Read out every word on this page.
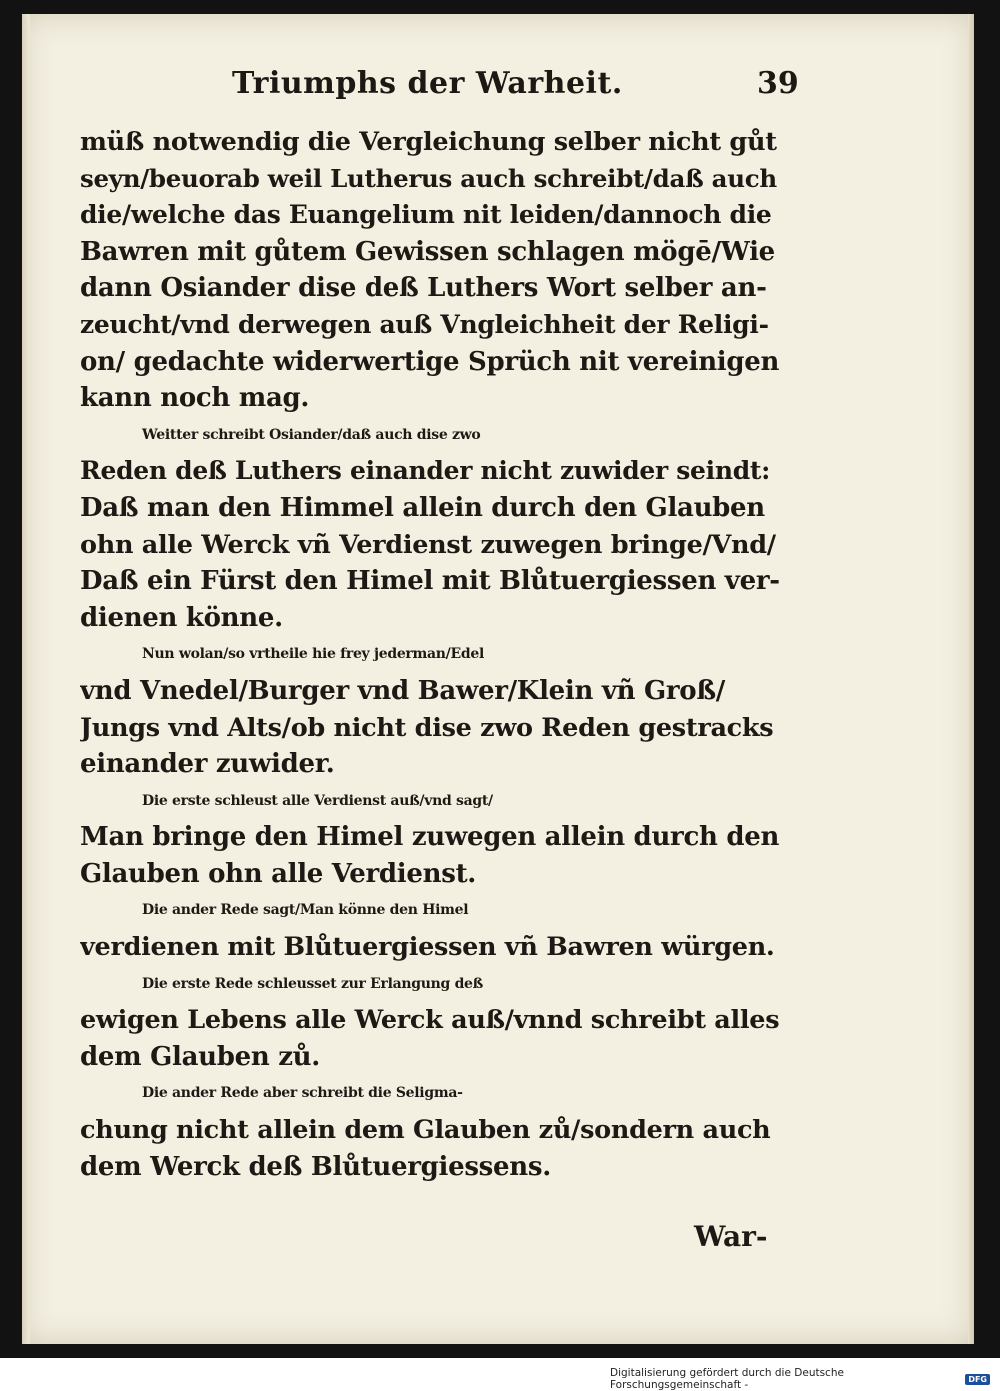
Triumphs der Warheit.	39
müß notwendig die Vergleichung selber nicht gůt
seyn/beuorab weil Lutherus auch schreibt/daß auch
die/welche das Euangelium nit leiden/dannoch die
Bawren mit gůtem Gewissen schlagen mögē/Wie
dann Osiander dise deß Luthers Wort selber an-
zeucht/vnd derwegen auß Vngleichheit der Religi-
on/ gedachte widerwertige Sprüch nit vereinigen
kann noch mag.
Weitter schreibt Osiander/daß auch dise zwo
Reden deß Luthers einander nicht zuwider seindt:
Daß man den Himmel allein durch den Glauben
ohn alle Werck vñ Verdienst zuwegen bringe/Vnd/
Daß ein Fürst den Himel mit Blůtuergiessen ver-
dienen könne.
Nun wolan/so vrtheile hie frey jederman/Edel
vnd Vnedel/Burger vnd Bawer/Klein vñ Groß/
Jungs vnd Alts/ob nicht dise zwo Reden gestracks
einander zuwider.
Die erste schleust alle Verdienst auß/vnd sagt/
Man bringe den Himel zuwegen allein durch den
Glauben ohn alle Verdienst.
Die ander Rede sagt/Man könne den Himel
verdienen mit Blůtuergiessen vñ Bawren würgen.
Die erste Rede schleusset zur Erlangung deß
ewigen Lebens alle Werck auß/vnnd schreibt alles
dem Glauben zů.
Die ander Rede aber schreibt die Seligma-
chung nicht allein dem Glauben zů/sondern auch
dem Werck deß Blůtuergiessens.
War-
Digitalisierung gefördert durch die Deutsche Forschungsgemeinschaft -	DFG
